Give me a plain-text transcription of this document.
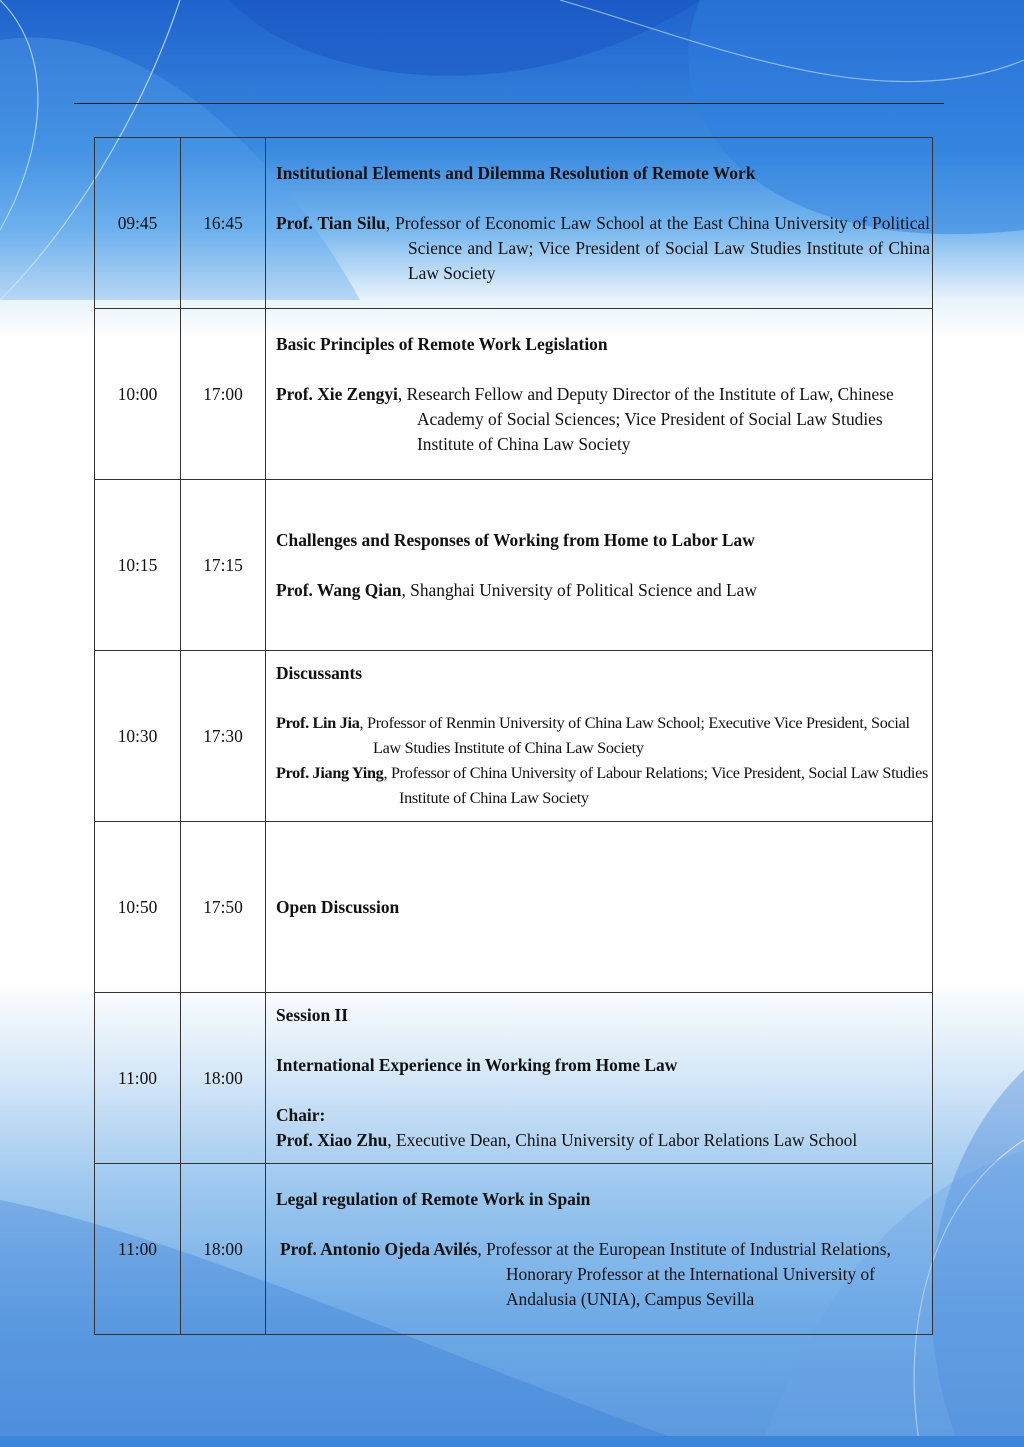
09:45	16:45	Institutional Elements and Dilemma Resolution of Remote Work
Prof. Tian Silu, Professor of Economic Law School at the East China University of Political Science and Law; Vice President of Social Law Studies Institute of China Law Society

10:00	17:00	Basic Principles of Remote Work Legislation
Prof. Xie Zengyi, Research Fellow and Deputy Director of the Institute of Law, Chinese Academy of Social Sciences; Vice President of Social Law Studies Institute of China Law Society

10:15	17:15	Challenges and Responses of Working from Home to Labor Law
Prof. Wang Qian, Shanghai University of Political Science and Law

10:30	17:30	Discussants
Prof. Lin Jia, Professor of Renmin University of China Law School; Executive Vice President, Social Law Studies Institute of China Law Society
Prof. Jiang Ying, Professor of China University of Labour Relations; Vice President, Social Law Studies Institute of China Law Society

10:50	17:50	Open Discussion

11:00	18:00	Session II
International Experience in Working from Home Law
Chair:
Prof. Xiao Zhu, Executive Dean, China University of Labor Relations Law School

11:00	18:00	Legal regulation of Remote Work in Spain
Prof. Antonio Ojeda Avilés, Professor at the European Institute of Industrial Relations, Honorary Professor at the International University of Andalusia (UNIA), Campus Sevilla
